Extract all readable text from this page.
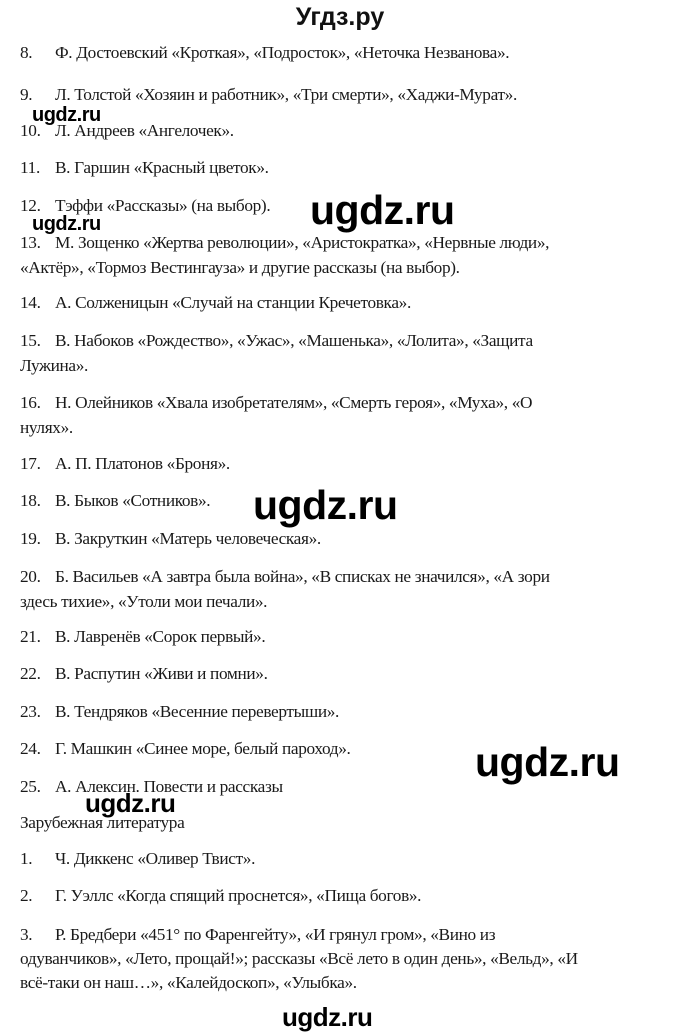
Угдз.ру
8. Ф. Достоевский «Кроткая», «Подросток», «Неточка Незванова».
9. Л. Толстой «Хозяин и работник», «Три смерти», «Хаджи-Мурат».
10. Л. Андреев «Ангелочек».
11. В. Гаршин «Красный цветок».
12. Тэффи «Рассказы» (на выбор).
13. М. Зощенко «Жертва революции», «Аристократка», «Нервные люди»,
«Актёр», «Тормоз Вестингауза» и другие рассказы (на выбор).
14. А. Солженицын «Случай на станции Кречетовка».
15. В. Набоков «Рождество», «Ужас», «Машенька», «Лолита», «Защита
Лужина».
16. Н. Олейников «Хвала изобретателям», «Смерть героя», «Муха», «О
нулях».
17. А. П. Платонов «Броня».
18. В. Быков «Сотников».
19. В. Закруткин «Матерь человеческая».
20. Б. Васильев «А завтра была война», «В списках не значился», «А зори
здесь тихие», «Утоли мои печали».
21. В. Лавренёв «Сорок первый».
22. В. Распутин «Живи и помни».
23. В. Тендряков «Весенние перевертыши».
24. Г. Машкин «Синее море, белый пароход».
25. А. Алексин. Повести и рассказы
Зарубежная литература
1. Ч. Диккенс «Оливер Твист».
2. Г. Уэллс «Когда спящий проснется», «Пища богов».
3. Р. Бредбери «451° по Фаренгейту», «И грянул гром», «Вино из
одуванчиков», «Лето, прощай!»; рассказы «Всё лето в один день», «Вельд», «И
всё-таки он наш…», «Калейдоскоп», «Улыбка».
ugdz.ru
ugdz.ru	ugdz.ru
ugdz.ru
ugdz.ru
ugdz.ru
ugdz.ru
